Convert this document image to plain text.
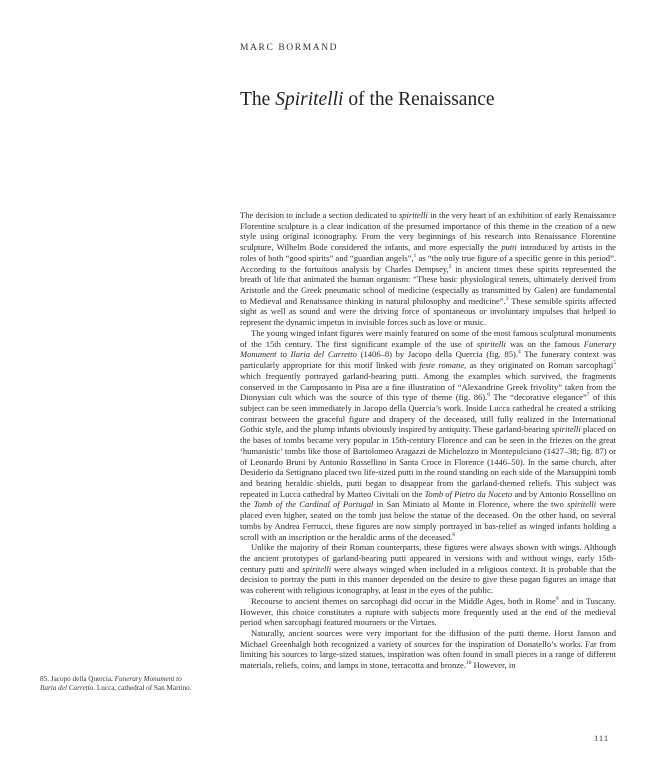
MARC BORMAND
The Spiritelli of the Renaissance

The decision to include a section dedicated to spiritelli in the very heart of an exhibition of early Renaissance Florentine sculpture is a clear indication of the presumed importance of this theme in the creation of a new style using original iconography. From the very beginnings of his research into Renaissance Florentine sculpture, Wilhelm Bode considered the infants, and more especially the putti introduced by artists in the roles of both “good spirits” and “guardian angels”,$^1$ as “the only true figure of a specific genre in this period”. According to the fortuitous analysis by Charles Dempsey,$^2$ in ancient times these spirits represented the breath of life that animated the human organism: “These basic physiological tenets, ultimately derived from Aristotle and the Greek pneumatic school of medicine (especially as transmitted by Galen) are fundamental to Medieval and Renaissance thinking in natural philosophy and medicine”.$^3$ These sensible spirits affected sight as well as sound and were the driving force of spontaneous or involuntary impulses that helped to represent the dynamic impetus in invisible forces such as love or music.

The young winged infant figures were mainly featured on some of the most famous sculptural monuments of the 15th century. The first significant example of the use of spiritelli was on the famous Funerary Monument to Ilaria del Carretto (1406–8) by Jacopo della Quercia (fig. 85).$^4$ The funerary context was particularly appropriate for this motif linked with feste romane, as they originated on Roman sarcophagi$^5$ which frequently portrayed garland-bearing putti. Among the examples which survived, the fragments conserved in the Camposanto in Pisa are a fine illustration of “Alexandrine Greek frivolity” taken from the Dionysian cult which was the source of this type of theme (fig. 86).$^6$ The “decorative elegance”$^7$ of this subject can be seen immediately in Jacopo della Quercia’s work. Inside Lucca cathedral he created a striking contrast between the graceful figure and drapery of the deceased, still fully realized in the International Gothic style, and the plump infants obviously inspired by antiquity. These garland-bearing spiritelli placed on the bases of tombs became very popular in 15th-century Florence and can be seen in the friezes on the great ‘humanistic’ tombs like those of Bartolomeo Aragazzi de Michelozzo in Montepulciano (1427–38; fig. 87) or of Leonardo Bruni by Antonio Rossellino in Santa Croce in Florence (1446–50). In the same church, after Desiderio da Settignano placed two life-sized putti in the round standing on each side of the Marsuppini tomb and bearing heraldic shields, putti began to disappear from the garland-themed reliefs. This subject was repeated in Lucca cathedral by Matteo Civitali on the Tomb of Pietro da Noceto and by Antonio Rossellino on the Tomb of the Cardinal of Portugal in San Miniato al Monte in Florence, where the two spiritelli were placed even higher, seated on the tomb just below the statue of the deceased. On the other hand, on several tombs by Andrea Ferrucci, these figures are now simply portrayed in bas-relief as winged infants holding a scroll with an inscription or the heraldic arms of the deceased.$^8$

Unlike the majority of their Roman counterparts, these figures were always shown with wings. Although the ancient prototypes of garland-bearing putti appeared in versions with and without wings, early 15th-century putti and spiritelli were always winged when included in a religious context. It is probable that the decision to portray the putti in this manner depended on the desire to give these pagan figures an image that was coherent with religious iconography, at least in the eyes of the public.

Recourse to ancient themes on sarcophagi did occur in the Middle Ages, both in Rome$^9$ and in Tuscany. However, this choice constitutes a rupture with subjects more frequently used at the end of the medieval period when sarcophagi featured mourners or the Virtues.

Naturally, ancient sources were very important for the diffusion of the putti theme. Horst Janson and Michael Greenhalgh both recognized a variety of sources for the inspiration of Donatello’s works. Far from limiting his sources to large-sized statues, inspiration was often found in small pieces in a range of different materials, reliefs, coins, and lamps in stone, terracotta and bronze.$^{10}$ However, in

85. Jacopo della Quercia, Funerary Monument to Ilaria del Carretto. Lucca, cathedral of San Martino.
111
